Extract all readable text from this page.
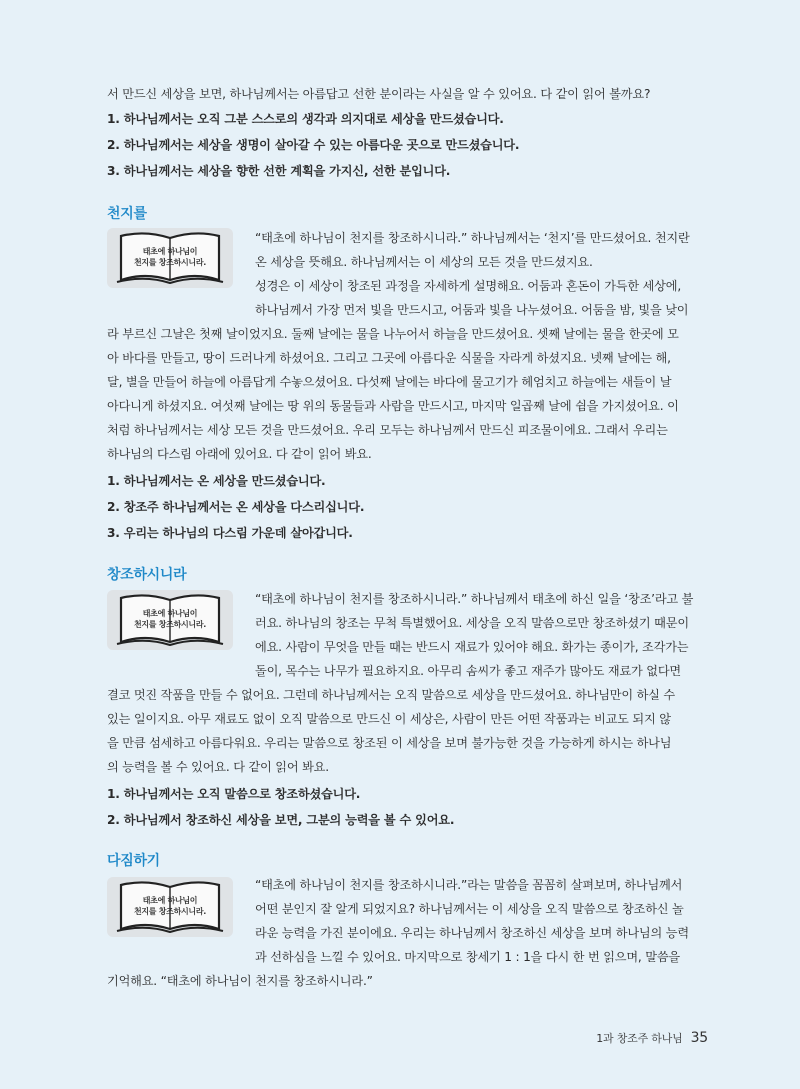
서 만드신 세상을 보면, 하나님께서는 아름답고 선한 분이라는 사실을 알 수 있어요. 다 같이 읽어 볼까요?
1. 하나님께서는 오직 그분 스스로의 생각과 의지대로 세상을 만드셨습니다.
2. 하나님께서는 세상을 생명이 살아갈 수 있는 아름다운 곳으로 만드셨습니다.
3. 하나님께서는 세상을 향한 선한 계획을 가지신, 선한 분입니다.
천지를
태초에 하나님이
천지를 창조하시니라.
“태초에 하나님이 천지를 창조하시니라.” 하나님께서는 ‘천지’를 만드셨어요. 천지란
온 세상을 뜻해요. 하나님께서는 이 세상의 모든 것을 만드셨지요.
성경은 이 세상이 창조된 과정을 자세하게 설명해요. 어둠과 혼돈이 가득한 세상에,
하나님께서 가장 먼저 빛을 만드시고, 어둠과 빛을 나누셨어요. 어둠을 밤, 빛을 낮이
라 부르신 그날은 첫째 날이었지요. 둘째 날에는 물을 나누어서 하늘을 만드셨어요. 셋째 날에는 물을 한곳에 모
아 바다를 만들고, 땅이 드러나게 하셨어요. 그리고 그곳에 아름다운 식물을 자라게 하셨지요. 넷째 날에는 해,
달, 별을 만들어 하늘에 아름답게 수놓으셨어요. 다섯째 날에는 바다에 물고기가 헤엄치고 하늘에는 새들이 날
아다니게 하셨지요. 여섯째 날에는 땅 위의 동물들과 사람을 만드시고, 마지막 일곱째 날에 쉼을 가지셨어요. 이
처럼 하나님께서는 세상 모든 것을 만드셨어요. 우리 모두는 하나님께서 만드신 피조물이에요. 그래서 우리는
하나님의 다스림 아래에 있어요. 다 같이 읽어 봐요.
1. 하나님께서는 온 세상을 만드셨습니다.
2. 창조주 하나님께서는 온 세상을 다스리십니다.
3. 우리는 하나님의 다스림 가운데 살아갑니다.
창조하시니라
태초에 하나님이
천지를 창조하시니라.
“태초에 하나님이 천지를 창조하시니라.” 하나님께서 태초에 하신 일을 ‘창조’라고 불
러요. 하나님의 창조는 무척 특별했어요. 세상을 오직 말씀으로만 창조하셨기 때문이
에요. 사람이 무엇을 만들 때는 반드시 재료가 있어야 해요. 화가는 종이가, 조각가는
돌이, 목수는 나무가 필요하지요. 아무리 솜씨가 좋고 재주가 많아도 재료가 없다면
결코 멋진 작품을 만들 수 없어요. 그런데 하나님께서는 오직 말씀으로 세상을 만드셨어요. 하나님만이 하실 수
있는 일이지요. 아무 재료도 없이 오직 말씀으로 만드신 이 세상은, 사람이 만든 어떤 작품과는 비교도 되지 않
을 만큼 섬세하고 아름다워요. 우리는 말씀으로 창조된 이 세상을 보며 불가능한 것을 가능하게 하시는 하나님
의 능력을 볼 수 있어요. 다 같이 읽어 봐요.
1. 하나님께서는 오직 말씀으로 창조하셨습니다.
2. 하나님께서 창조하신 세상을 보면, 그분의 능력을 볼 수 있어요.
다짐하기
태초에 하나님이
천지를 창조하시니라.
“태초에 하나님이 천지를 창조하시니라.”라는 말씀을 꼼꼼히 살펴보며, 하나님께서
어떤 분인지 잘 알게 되었지요? 하나님께서는 이 세상을 오직 말씀으로 창조하신 놀
라운 능력을 가진 분이에요. 우리는 하나님께서 창조하신 세상을 보며 하나님의 능력
과 선하심을 느낄 수 있어요. 마지막으로 창세기 1 : 1을 다시 한 번 읽으며, 말씀을
기억해요. “태초에 하나님이 천지를 창조하시니라.”
1과 창조주 하나님 35
